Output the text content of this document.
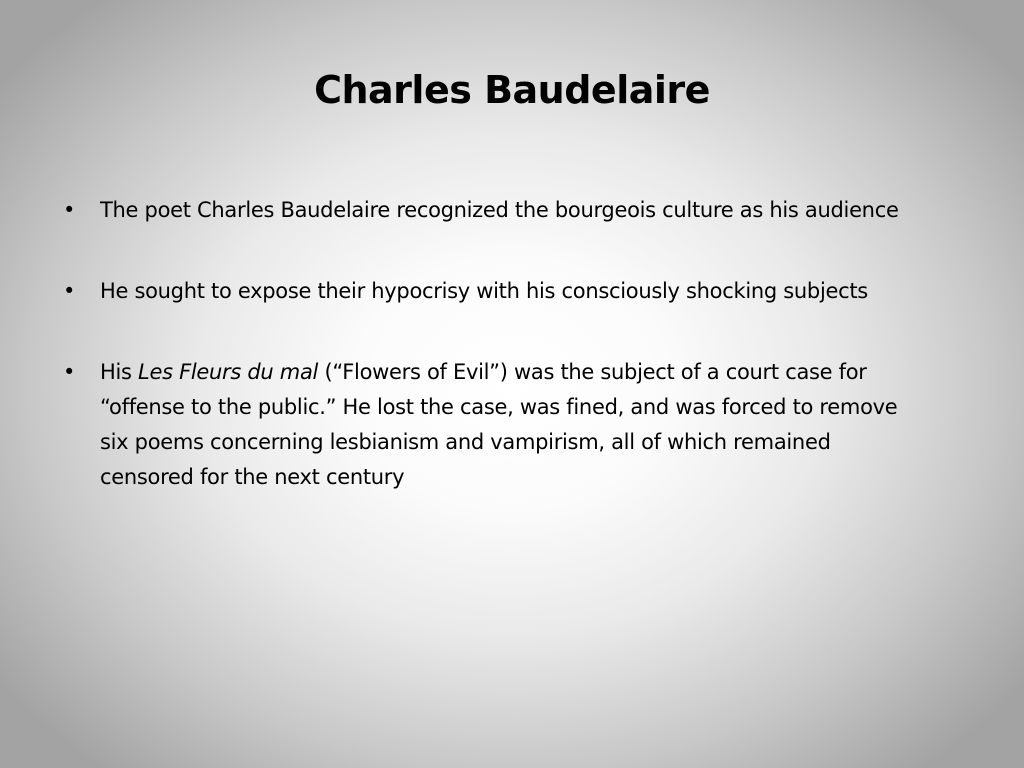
Charles Baudelaire
•	The poet Charles Baudelaire recognized the bourgeois culture as his audience
•	He sought to expose their hypocrisy with his consciously shocking subjects
•	His Les Fleurs du mal (“Flowers of Evil”) was the subject of a court case for “offense to the public.” He lost the case, was fined, and was forced to remove six poems concerning lesbianism and vampirism, all of which remained censored for the next century
